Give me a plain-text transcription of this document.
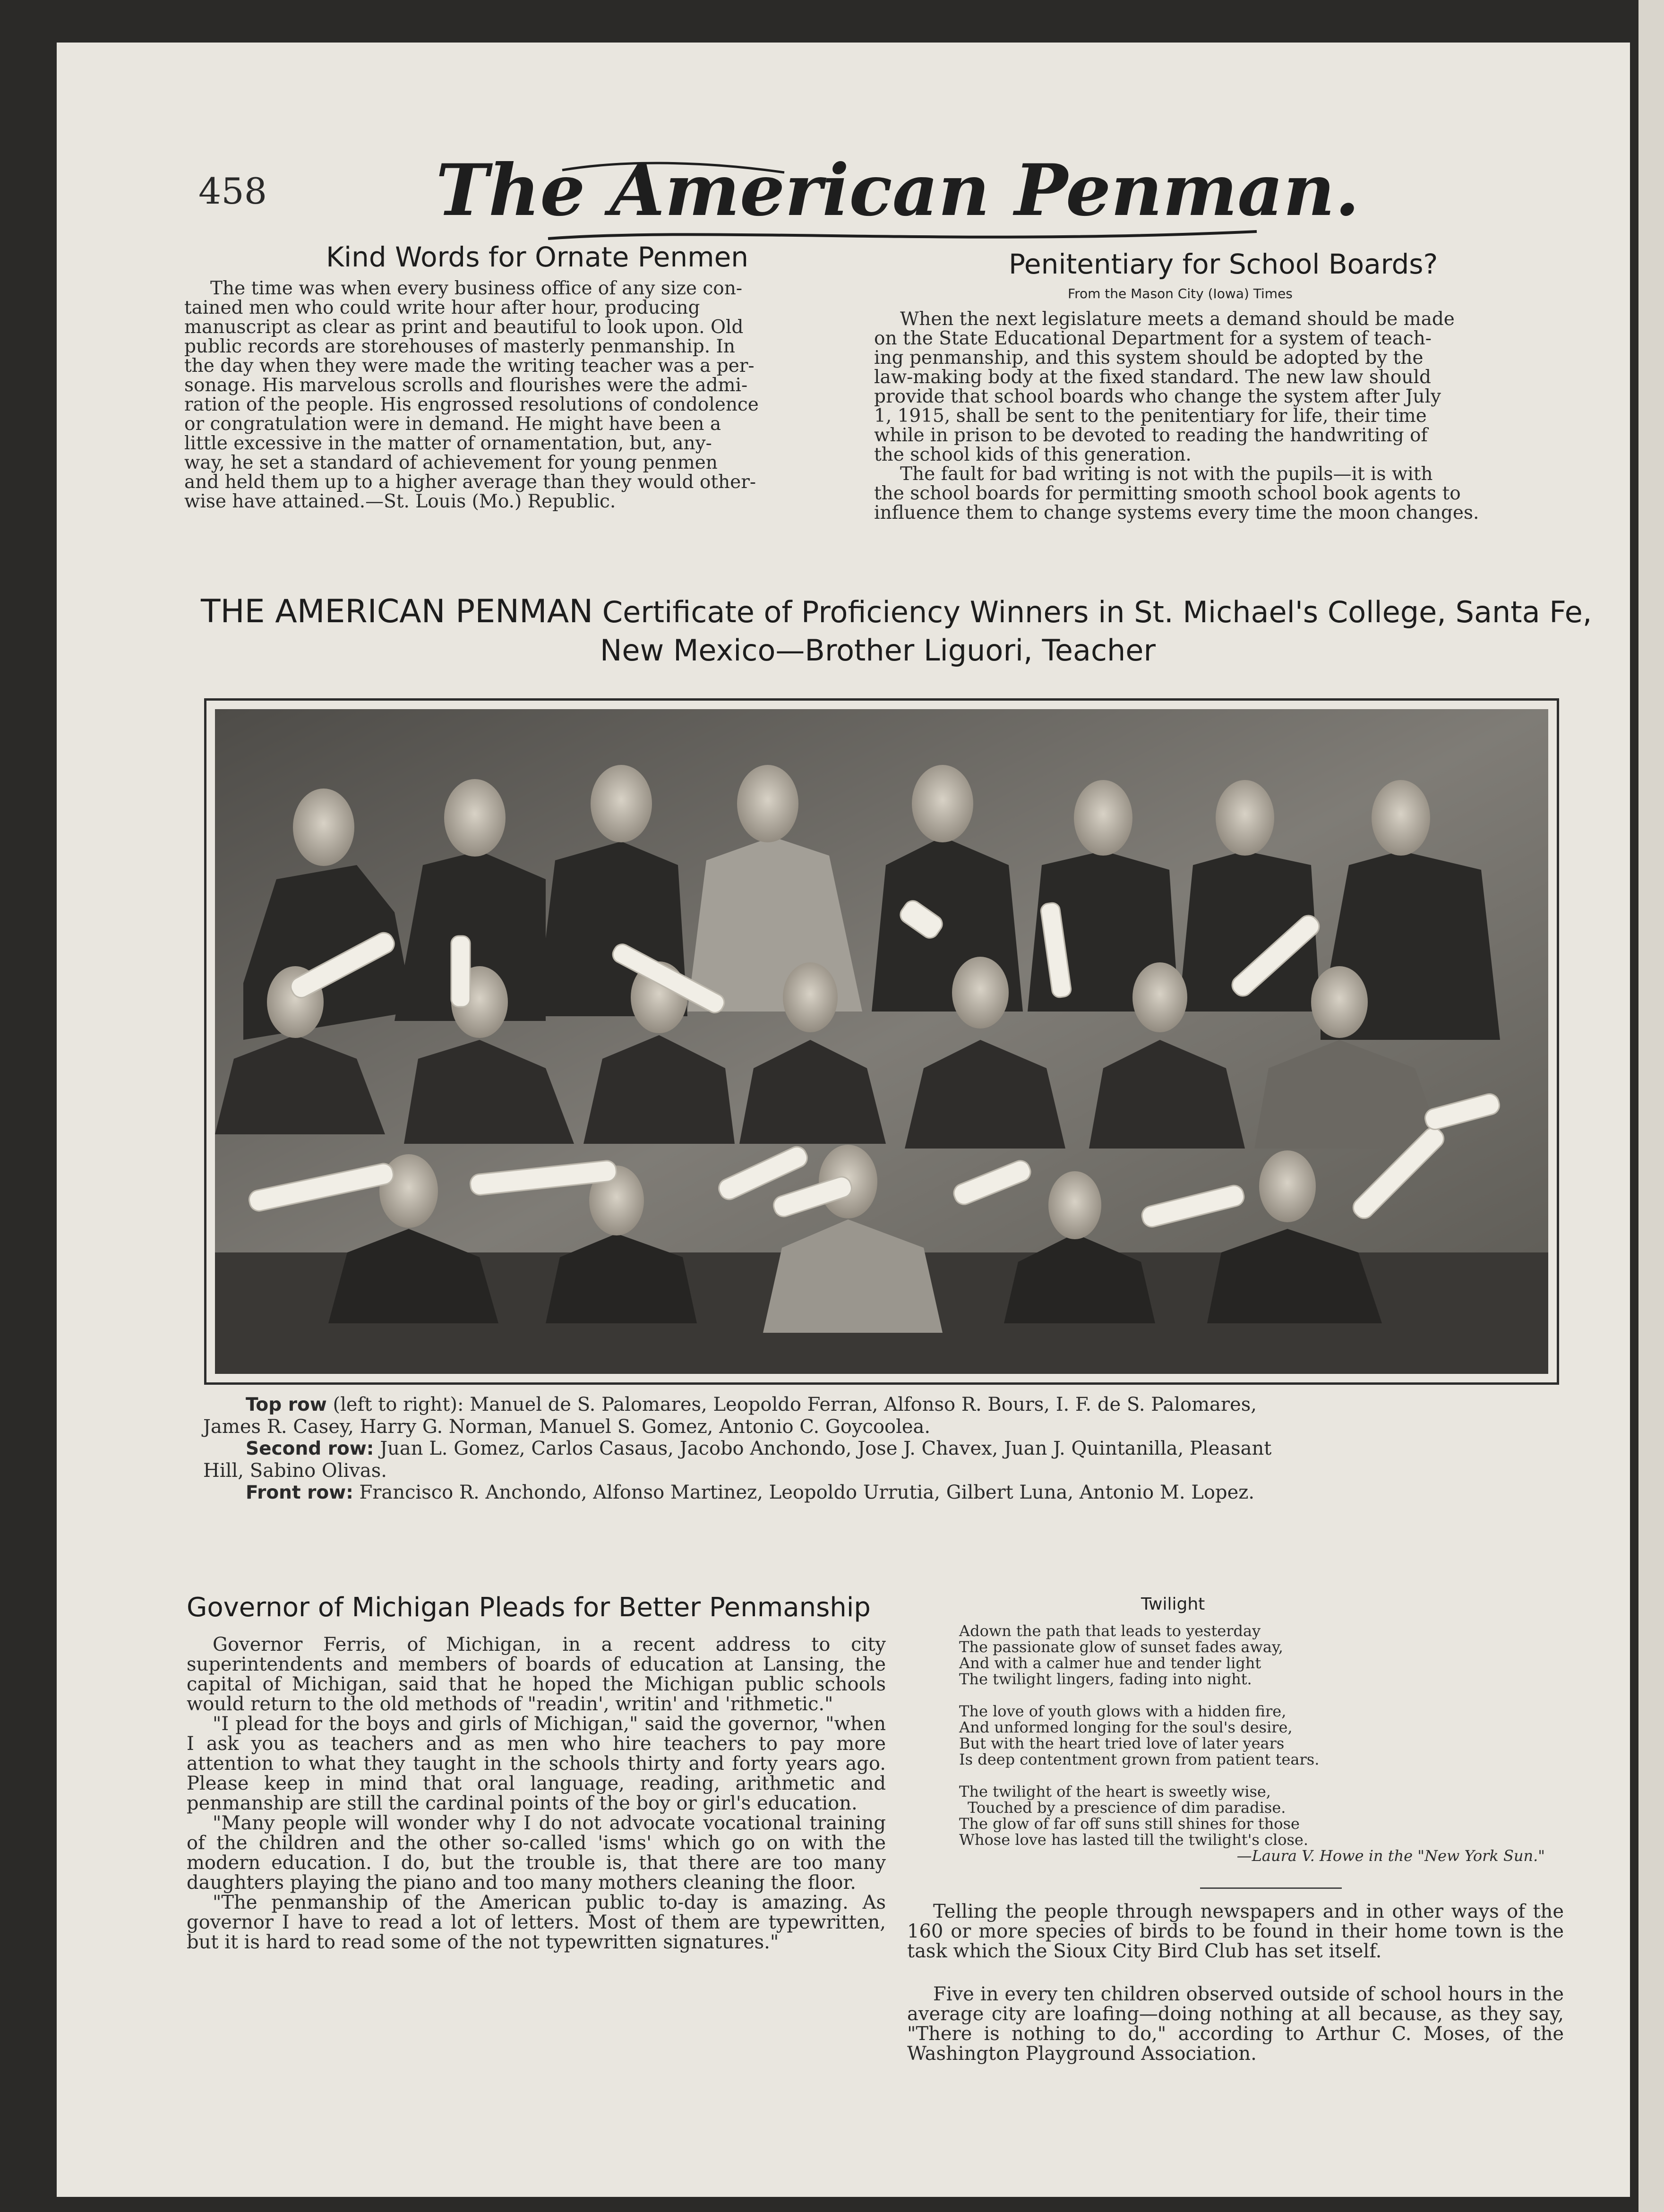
458 The American Penman.
Kind Words for Ornate Penmen
The time was when every business office of any size con-
tained men who could write hour after hour, producing
manuscript as clear as print and beautiful to look upon. Old
public records are storehouses of masterly penmanship. In
the day when they were made the writing teacher was a per-
sonage. His marvelous scrolls and flourishes were the admi-
ration of the people. His engrossed resolutions of condolence
or congratulation were in demand. He might have been a
little excessive in the matter of ornamentation, but, any-
way, he set a standard of achievement for young penmen
and held them up to a higher average than they would other-
wise have attained.—St. Louis (Mo.) Republic.
Penitentiary for School Boards?
From the Mason City (Iowa) Times
When the next legislature meets a demand should be made
on the State Educational Department for a system of teach-
ing penmanship, and this system should be adopted by the
law-making body at the fixed standard. The new law should
provide that school boards who change the system after July
1, 1915, shall be sent to the penitentiary for life, their time
while in prison to be devoted to reading the handwriting of
the school kids of this generation.
The fault for bad writing is not with the pupils—it is with
the school boards for permitting smooth school book agents to
influence them to change systems every time the moon changes.
THE AMERICAN PENMAN Certificate of Proficiency Winners in St. Michael's College, Santa Fe,
New Mexico—Brother Liguori, Teacher
Top row (left to right): Manuel de S. Palomares, Leopoldo Ferran, Alfonso R. Bours, I. F. de S. Palomares,
James R. Casey, Harry G. Norman, Manuel S. Gomez, Antonio C. Goycoolea.
Second row: Juan L. Gomez, Carlos Casaus, Jacobo Anchondo, Jose J. Chavex, Juan J. Quintanilla, Pleasant
Hill, Sabino Olivas.
Front row: Francisco R. Anchondo, Alfonso Martinez, Leopoldo Urrutia, Gilbert Luna, Antonio M. Lopez.
Governor of Michigan Pleads for Better Penmanship

Governor Ferris, of Michigan, in a recent address to city superintendents and members of boards of education at Lansing, the capital of Michigan, said that he hoped the Michigan public schools would return to the old methods of "readin', writin' and 'rithmetic."

"I plead for the boys and girls of Michigan," said the governor, "when I ask you as teachers and as men who hire teachers to pay more attention to what they taught in the schools thirty and forty years ago. Please keep in mind that oral language, reading, arithmetic and penmanship are still the cardinal points of the boy or girl's education.

"Many people will wonder why I do not advocate vocational training of the children and the other so-called 'isms' which go on with the modern education. I do, but the trouble is, that there are too many daughters playing the piano and too many mothers cleaning the floor.

"The penmanship of the American public to-day is amazing. As governor I have to read a lot of letters. Most of them are typewritten, but it is hard to read some of the not typewritten signatures."

Twilight
Adown the path that leads to yesterday
The passionate glow of sunset fades away,
And with a calmer hue and tender light
The twilight lingers, fading into night.
The love of youth glows with a hidden fire,
And unformed longing for the soul's desire,
But with the heart tried love of later years
Is deep contentment grown from patient tears.
The twilight of the heart is sweetly wise,
Touched by a prescience of dim paradise.
The glow of far off suns still shines for those
Whose love has lasted till the twilight's close.
—Laura V. Howe in the "New York Sun."

Telling the people through newspapers and in other ways of the 160 or more species of birds to be found in their home town is the task which the Sioux City Bird Club has set itself.

Five in every ten children observed outside of school hours in the average city are loafing—doing nothing at all because, as they say, "There is nothing to do," according to Arthur C. Moses, of the Washington Playground Association.
